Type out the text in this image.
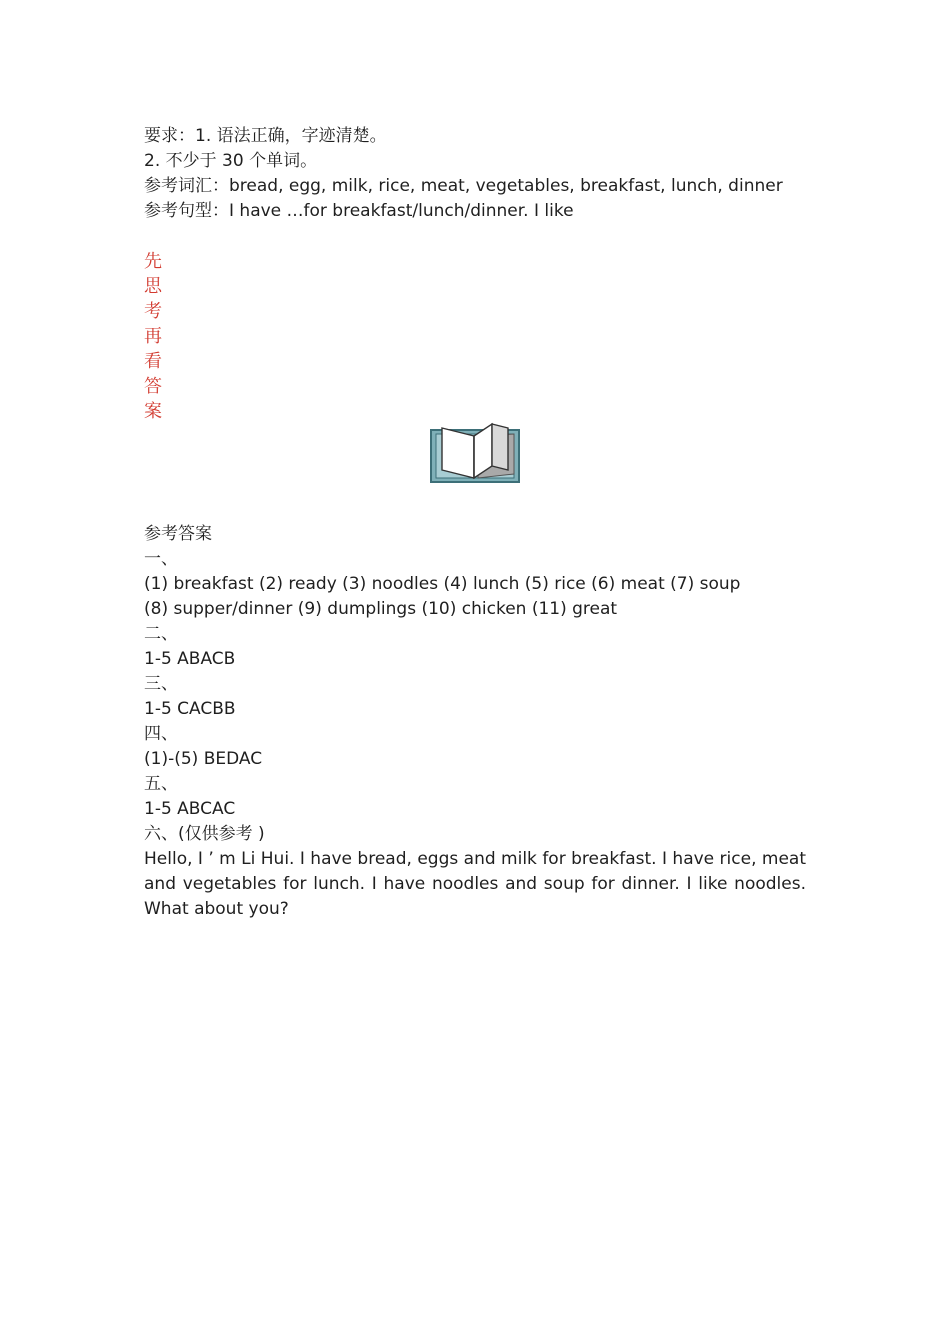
要求：1. 语法正确，字迹清楚。
2. 不少于 30 个单词。
参考词汇：bread, egg, milk, rice, meat, vegetables, breakfast, lunch, dinner
参考句型：I have …for breakfast/lunch/dinner. I like
先
思
考
再
看
答
案
参考答案
一、
(1) breakfast (2) ready (3) noodles (4) lunch (5) rice (6) meat (7) soup
(8) supper/dinner (9) dumplings (10) chicken (11) great
二、
1-5 ABACB
三、
1-5 CACBB
四、
(1)-(5) BEDAC
五、
1-5 ABCAC
六、(仅供参考 )
Hello, I ’ m Li Hui. I have bread, eggs and milk for breakfast. I have rice, meat and vegetables for lunch. I have noodles and soup for dinner. I like noodles. What about you?
